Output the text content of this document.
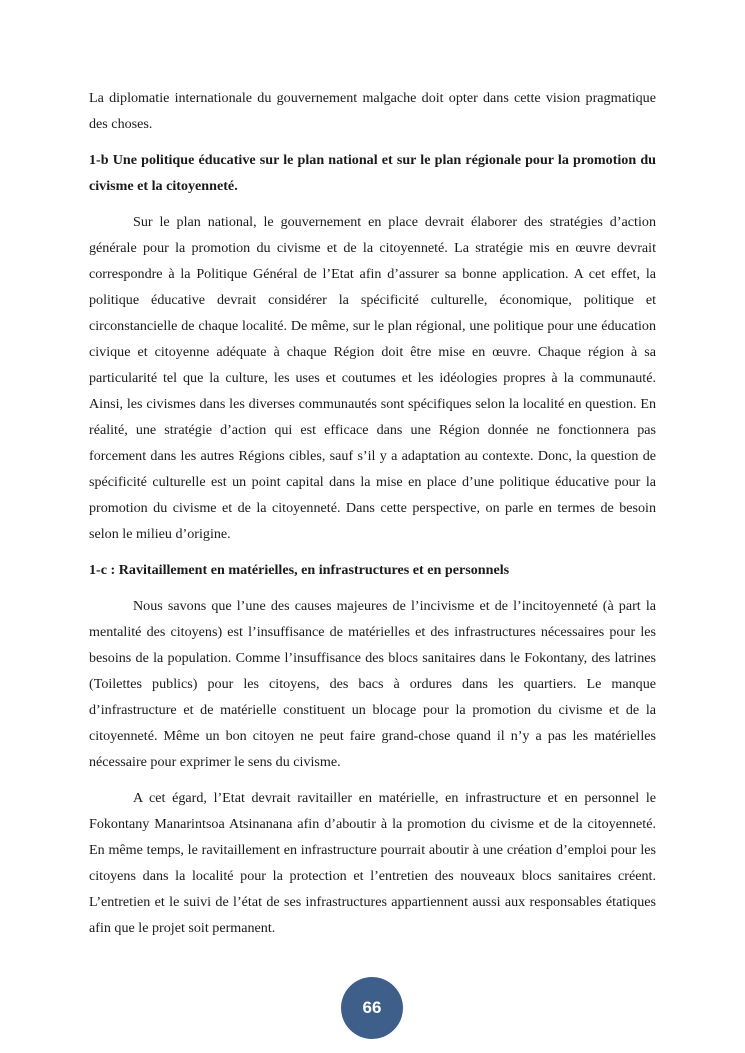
La diplomatie internationale du gouvernement malgache doit opter dans cette vision pragmatique des choses.

1-b Une politique éducative sur le plan national et sur le plan régionale pour la promotion du civisme et la citoyenneté.

Sur le plan national, le gouvernement en place devrait élaborer des stratégies d’action générale pour la promotion du civisme et de la citoyenneté. La stratégie mis en œuvre devrait correspondre à la Politique Général de l’Etat afin d’assurer sa bonne application. A cet effet, la politique éducative devrait considérer la spécificité culturelle, économique, politique et circonstancielle de chaque localité. De même, sur le plan régional, une politique pour une éducation civique et citoyenne adéquate à chaque Région doit être mise en œuvre. Chaque région à sa particularité tel que la culture, les uses et coutumes et les idéologies propres à la communauté. Ainsi, les civismes dans les diverses communautés sont spécifiques selon la localité en question. En réalité, une stratégie d’action qui est efficace dans une Région donnée ne fonctionnera pas forcement dans les autres Régions cibles, sauf s’il y a adaptation au contexte. Donc, la question de spécificité culturelle est un point capital dans la mise en place d’une politique éducative pour la promotion du civisme et de la citoyenneté. Dans cette perspective, on parle en termes de besoin selon le milieu d’origine.

1-c : Ravitaillement en matérielles, en infrastructures et en personnels

Nous savons que l’une des causes majeures de l’incivisme et de l’incitoyenneté (à part la mentalité des citoyens) est l’insuffisance de matérielles et des infrastructures nécessaires pour les besoins de la population. Comme l’insuffisance des blocs sanitaires dans le Fokontany, des latrines (Toilettes publics) pour les citoyens, des bacs à ordures dans les quartiers. Le manque d’infrastructure et de matérielle constituent un blocage pour la promotion du civisme et de la citoyenneté. Même un bon citoyen ne peut faire grand-chose quand il n’y a pas les matérielles nécessaire pour exprimer le sens du civisme.

A cet égard, l’Etat devrait ravitailler en matérielle, en infrastructure et en personnel le Fokontany Manarintsoa Atsinanana afin d’aboutir à la promotion du civisme et de la citoyenneté. En même temps, le ravitaillement en infrastructure pourrait aboutir à une création d’emploi pour les citoyens dans la localité pour la protection et l’entretien des nouveaux blocs sanitaires créent. L’entretien et le suivi de l’état de ses infrastructures appartiennent aussi aux responsables étatiques afin que le projet soit permanent.

66
